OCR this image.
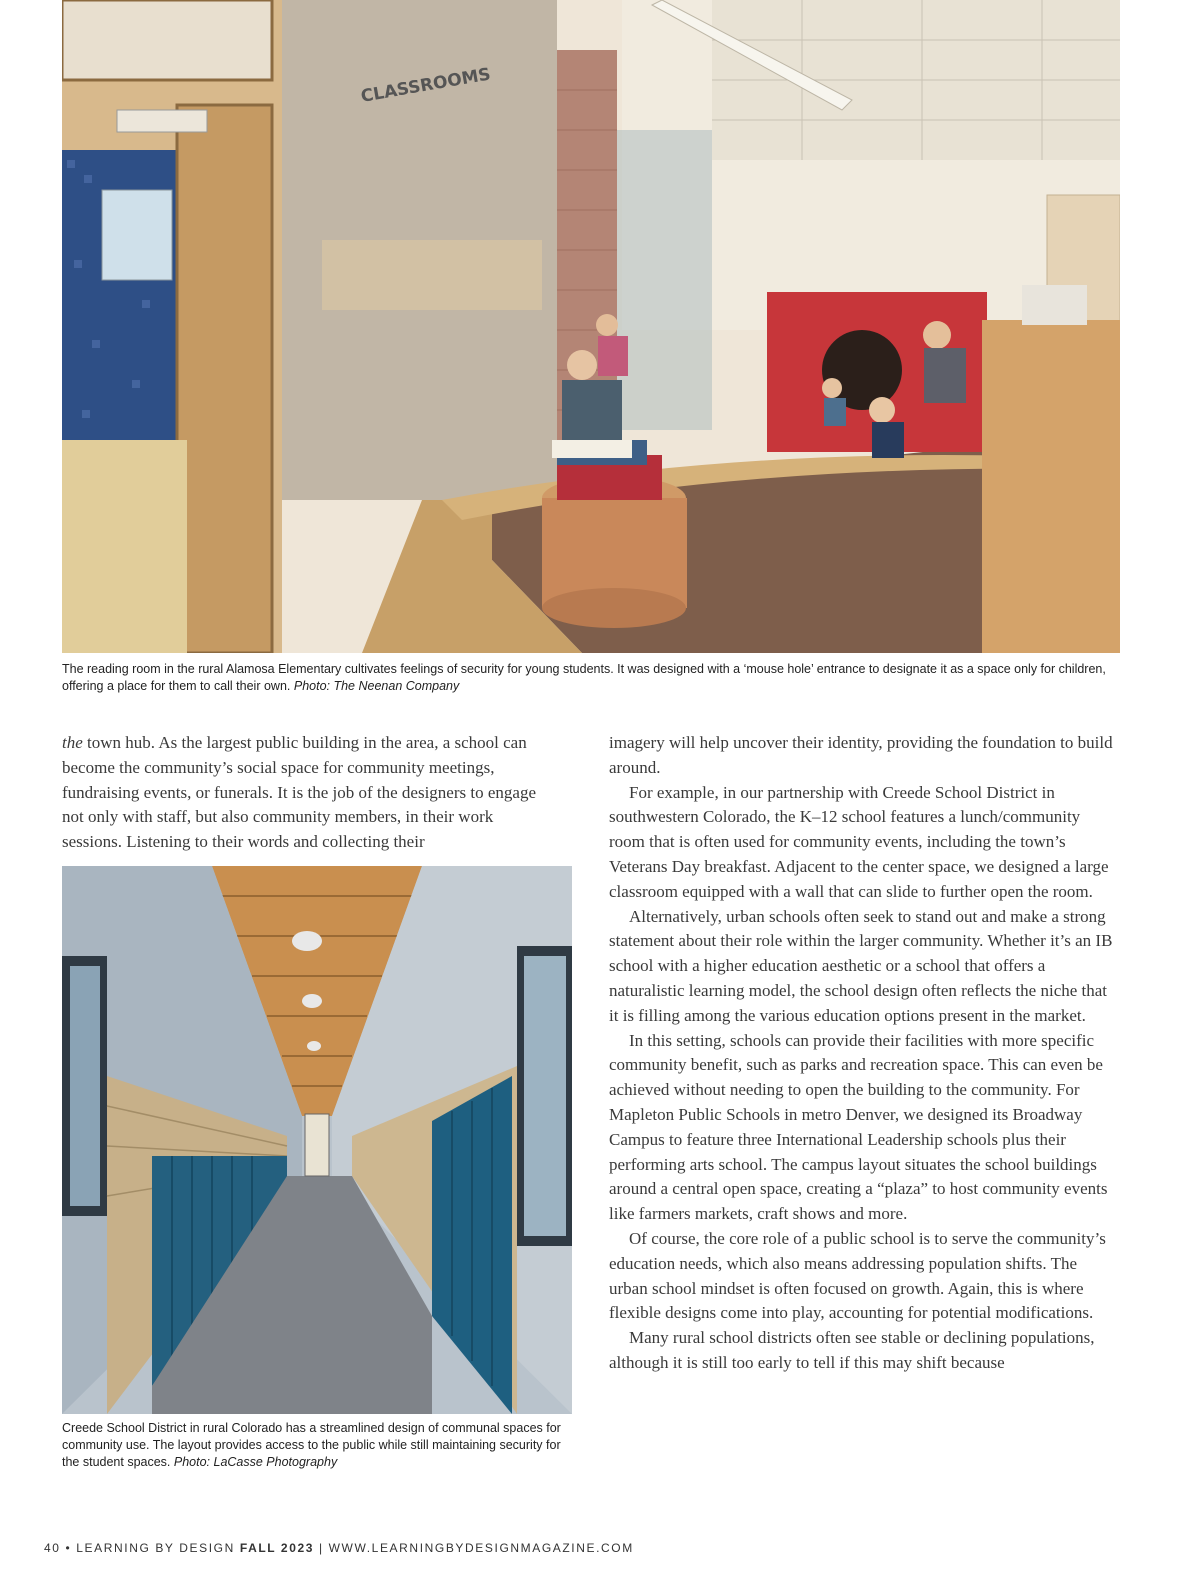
CLASSROOMS
The reading room in the rural Alamosa Elementary cultivates feelings of security for young students. It was designed with a ‘mouse hole’ entrance to designate it as a space only for children, offering a place for them to call their own. Photo: The Neenan Company

the town hub. As the largest public building in the area, a school can become the community’s social space for community meetings, fundraising events, or funerals. It is the job of the designers to engage not only with staff, but also community members, in their work sessions. Listening to their words and collecting their

Creede School District in rural Colorado has a streamlined design of communal spaces for community use. The layout provides access to the public while still maintaining security for the student spaces. Photo: LaCasse Photography

imagery will help uncover their identity, providing the foundation to build around.

For example, in our partnership with Creede School District in southwestern Colorado, the K–12 school features a lunch/community room that is often used for community events, including the town’s Veterans Day breakfast. Adjacent to the center space, we designed a large classroom equipped with a wall that can slide to further open the room.

Alternatively, urban schools often seek to stand out and make a strong statement about their role within the larger community. Whether it’s an IB school with a higher education aesthetic or a school that offers a naturalistic learning model, the school design often reflects the niche that it is filling among the various education options present in the market.

In this setting, schools can provide their facilities with more specific community benefit, such as parks and recreation space. This can even be achieved without needing to open the building to the community. For Mapleton Public Schools in metro Denver, we designed its Broadway Campus to feature three International Leadership schools plus their performing arts school. The campus layout situates the school buildings around a central open space, creating a “plaza” to host community events like farmers markets, craft shows and more.

Of course, the core role of a public school is to serve the community’s education needs, which also means addressing population shifts. The urban school mindset is often focused on growth. Again, this is where flexible designs come into play, accounting for potential modifications.

Many rural school districts often see stable or declining populations, although it is still too early to tell if this may shift because

40 • LEARNING BY DESIGN FALL 2023 | WWW.LEARNINGBYDESIGNMAGAZINE.COM
